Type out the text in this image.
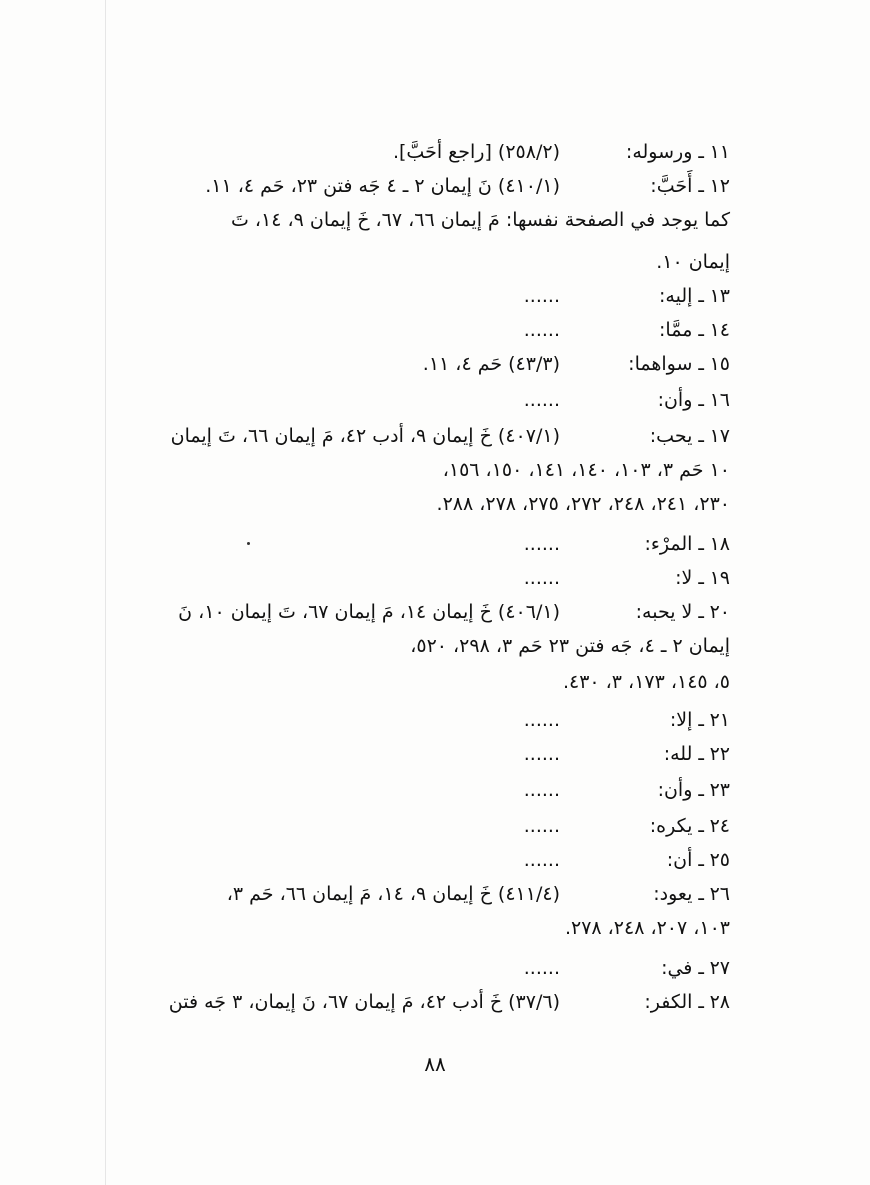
١١
ـ ورسوله:
(٢٥٨/٢) [راجع أحَبَّ].
١٢
ـ أَحَبَّ:
(٤١٠/١) نَ إيمان ٢ ـ ٤ جَه فتن ٢٣، حَم ٤، ١١.
كما يوجد في الصفحة نفسها: مَ إيمان ٦٦، ٦٧، خَ إيمان ٩، ١٤، تَ
إيمان ١٠.
١٣
ـ إليه:
......
١٤
ـ ممَّا:
......
١٥
ـ سواهما:
(٤٣/٣) حَم ٤، ١١.
١٦
ـ وأن:
......
١٧
ـ يحب:
(٤٠٧/١) خَ إيمان ٩، أدب ٤٢، مَ إيمان ٦٦، تَ إيمان
١٠ حَم ٣، ١٠٣، ١٤٠، ١٤١، ١٥٠، ١٥٦،
٢٣٠، ٢٤١، ٢٤٨، ٢٧٢، ٢٧٥، ٢٧٨، ٢٨٨.
١٨
ـ المرْء:
......
١٩
ـ لا:
......
٢٠
ـ لا يحبه:
(٤٠٦/١) خَ إيمان ١٤، مَ إيمان ٦٧، تَ إيمان ١٠، نَ
إيمان ٢ ـ ٤، جَه فتن ٢٣ حَم ٣، ٢٩٨، ٥٢٠،
٥، ١٤٥، ١٧٣، ٣، ٤٣٠.
٢١
ـ إلا:
......
٢٢
ـ لله:
......
٢٣
ـ وأن:
......
٢٤
ـ يكره:
......
٢٥
ـ أن:
......
٢٦
ـ يعود:
(٤١١/٤) خَ إيمان ٩، ١٤، مَ إيمان ٦٦، حَم ٣،
١٠٣، ٢٠٧، ٢٤٨، ٢٧٨.
٢٧
ـ في:
......
٢٨
ـ الكفر:
(٣٧/٦) خَ أدب ٤٢، مَ إيمان ٦٧، نَ إيمان، ٣ جَه فتن
٨٨
